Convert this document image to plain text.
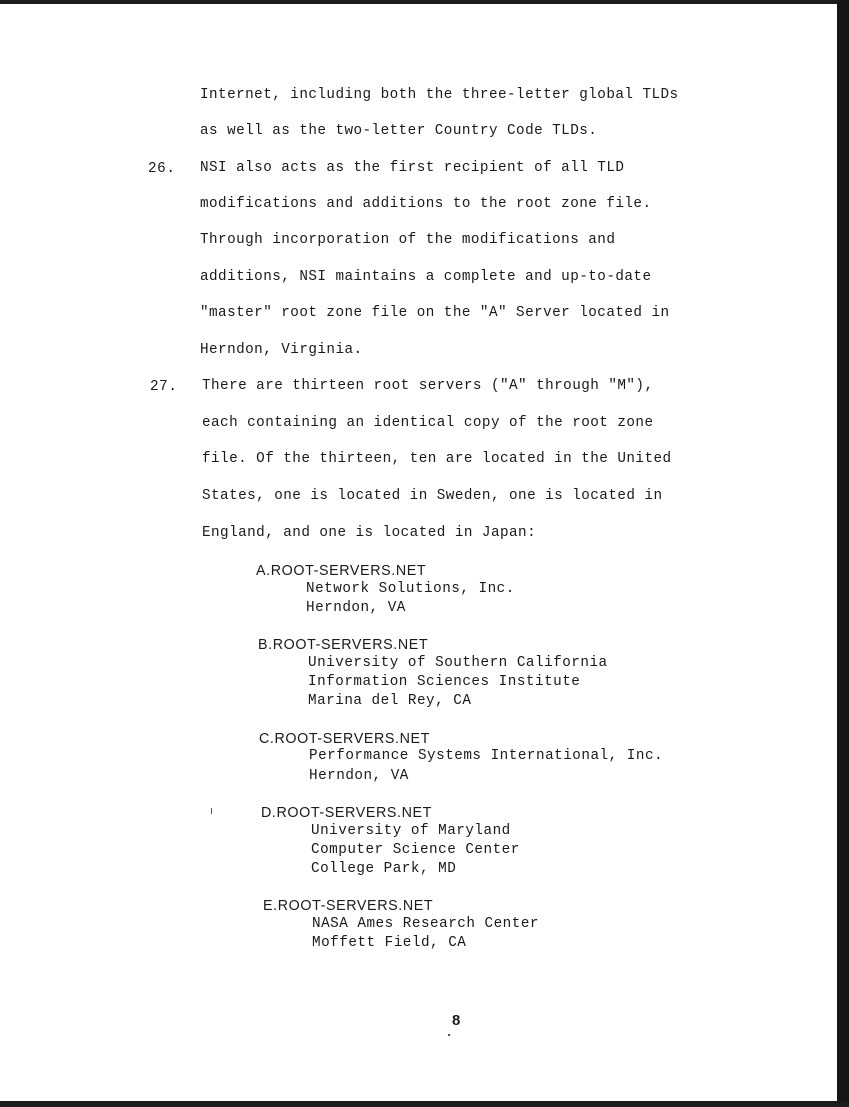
Internet, including both the three-letter global TLDs
as well as the two-letter Country Code TLDs.
26. NSI also acts as the first recipient of all TLD
modifications and additions to the root zone file.
Through incorporation of the modifications and
additions, NSI maintains a complete and up-to-date
"master" root zone file on the "A" Server located in
Herndon, Virginia.
27. There are thirteen root servers ("A" through "M"),
each containing an identical copy of the root zone
file. Of the thirteen, ten are located in the United
States, one is located in Sweden, one is located in
England, and one is located in Japan:
A.ROOT-SERVERS.NET
Network Solutions, Inc.
Herndon, VA
B.ROOT-SERVERS.NET
University of Southern California
Information Sciences Institute
Marina del Rey, CA
C.ROOT-SERVERS.NET
Performance Systems International, Inc.
Herndon, VA
D.ROOT-SERVERS.NET
University of Maryland
Computer Science Center
College Park, MD
E.ROOT-SERVERS.NET
NASA Ames Research Center
Moffett Field, CA
8
